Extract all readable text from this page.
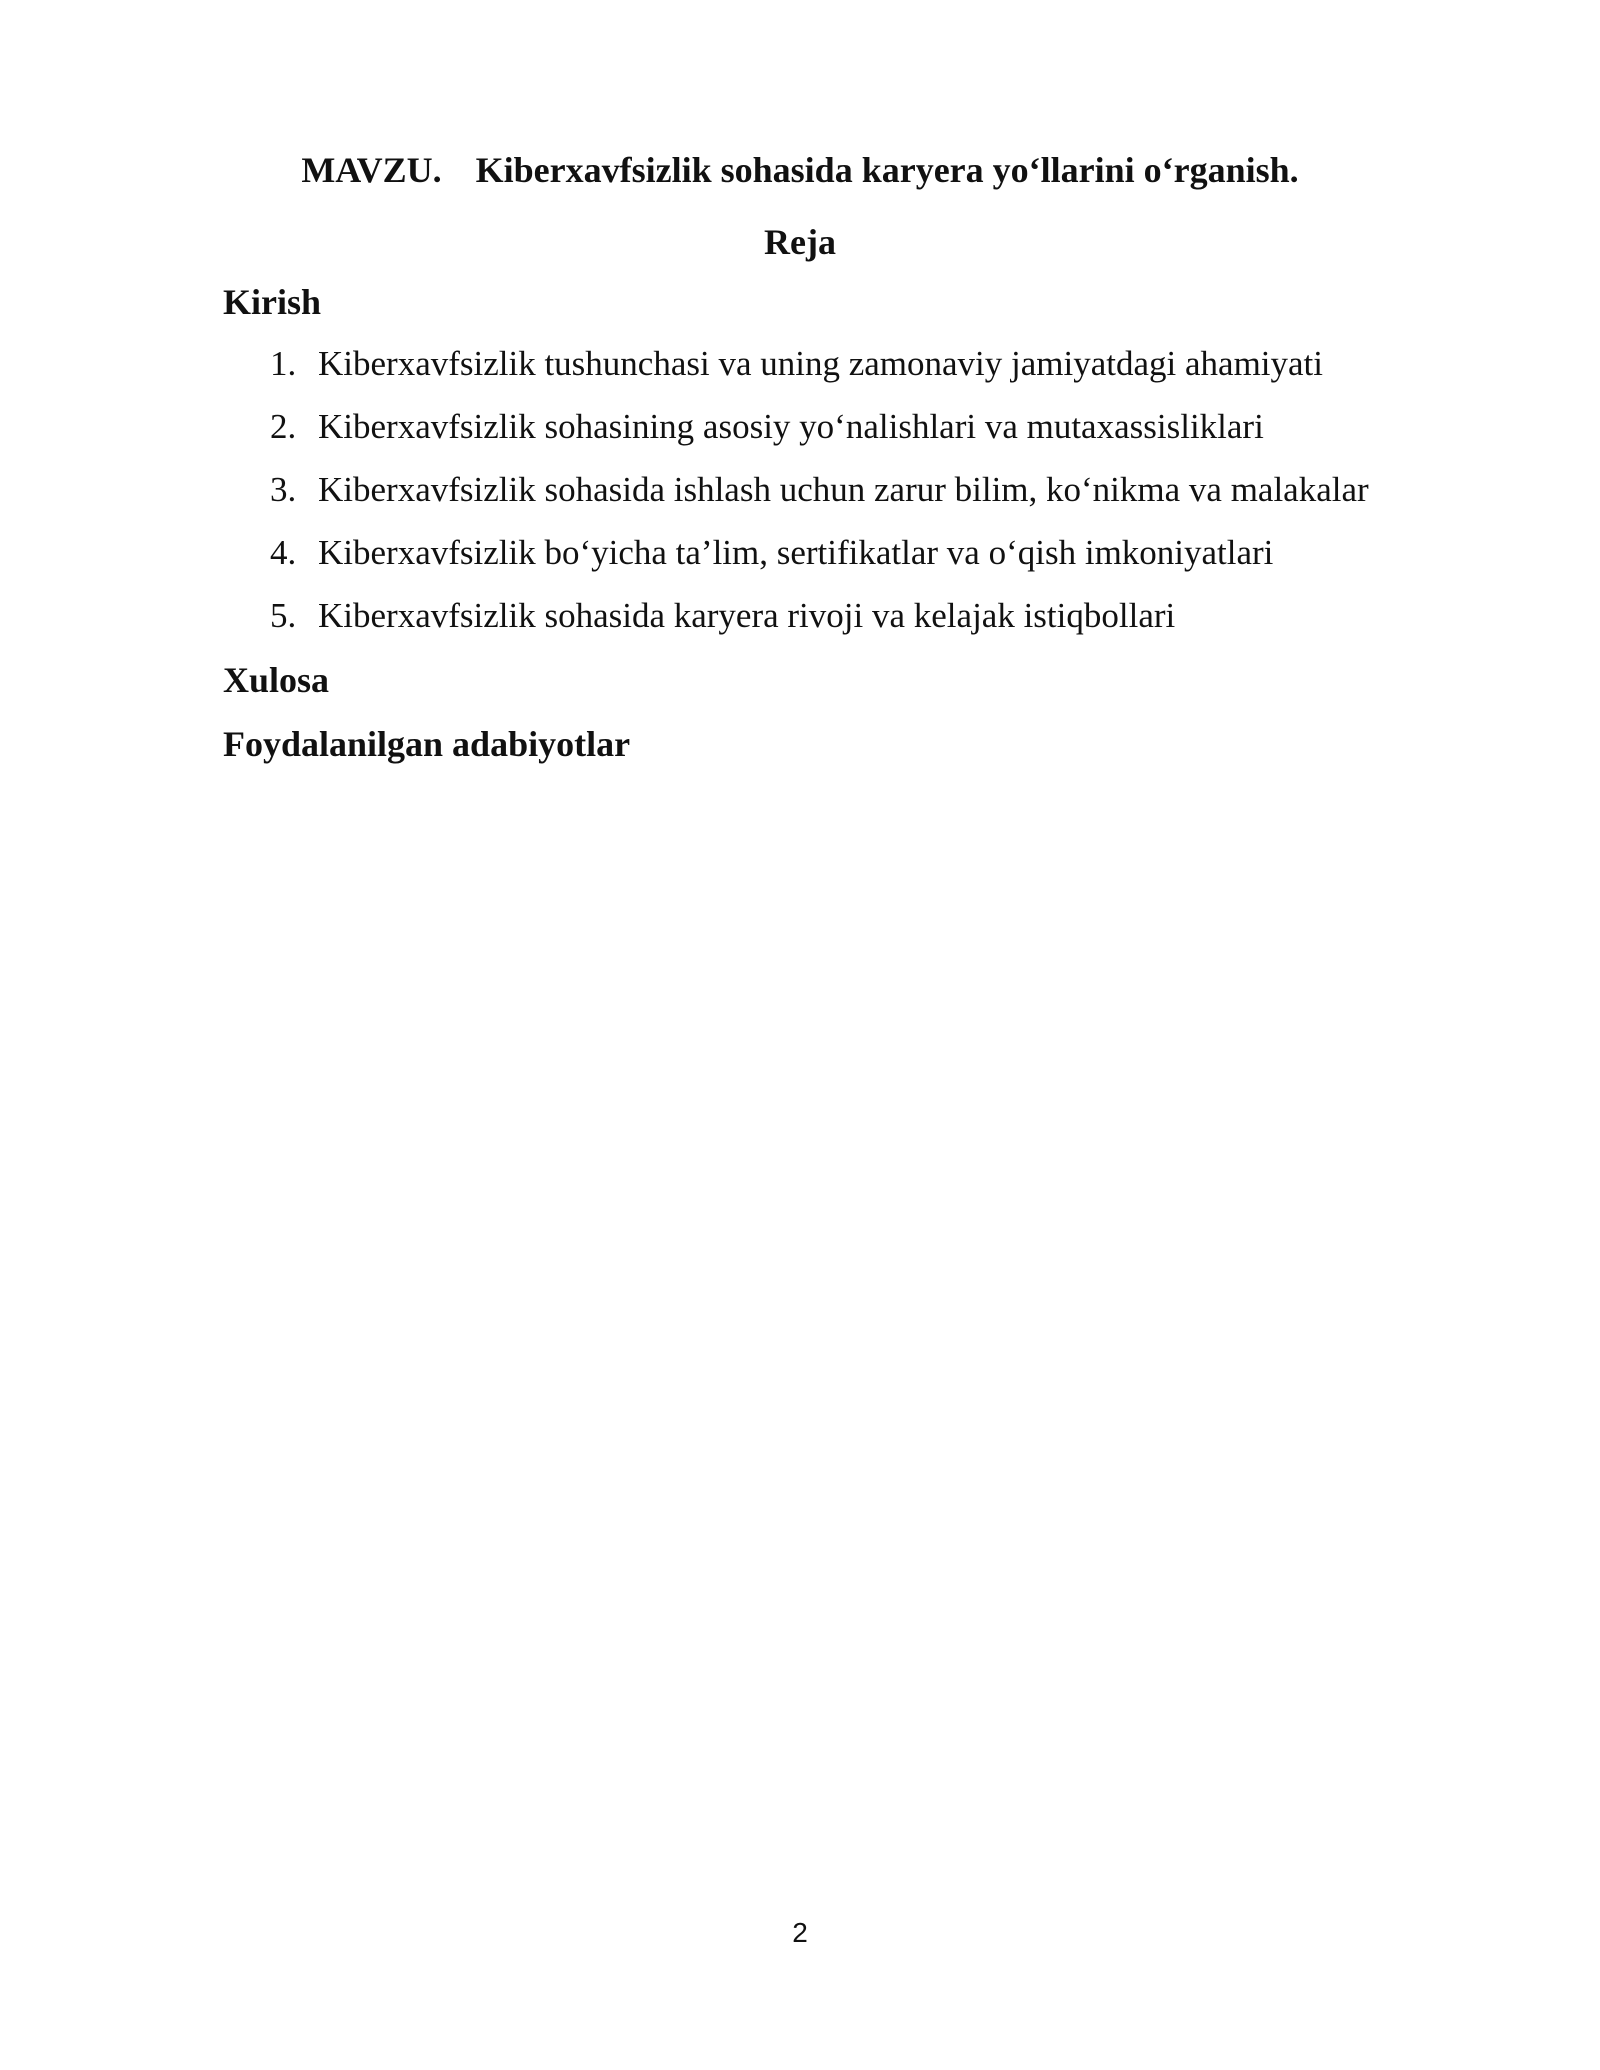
MAVZU. Kiberxavfsizlik sohasida karyera yo‘llarini o‘rganish.
Reja
Kirish
1. Kiberxavfsizlik tushunchasi va uning zamonaviy jamiyatdagi ahamiyati
2. Kiberxavfsizlik sohasining asosiy yo‘nalishlari va mutaxassisliklari
3. Kiberxavfsizlik sohasida ishlash uchun zarur bilim, ko‘nikma va malakalar
4. Kiberxavfsizlik bo‘yicha ta’lim, sertifikatlar va o‘qish imkoniyatlari
5. Kiberxavfsizlik sohasida karyera rivoji va kelajak istiqbollari
Xulosa
Foydalanilgan adabiyotlar
2
